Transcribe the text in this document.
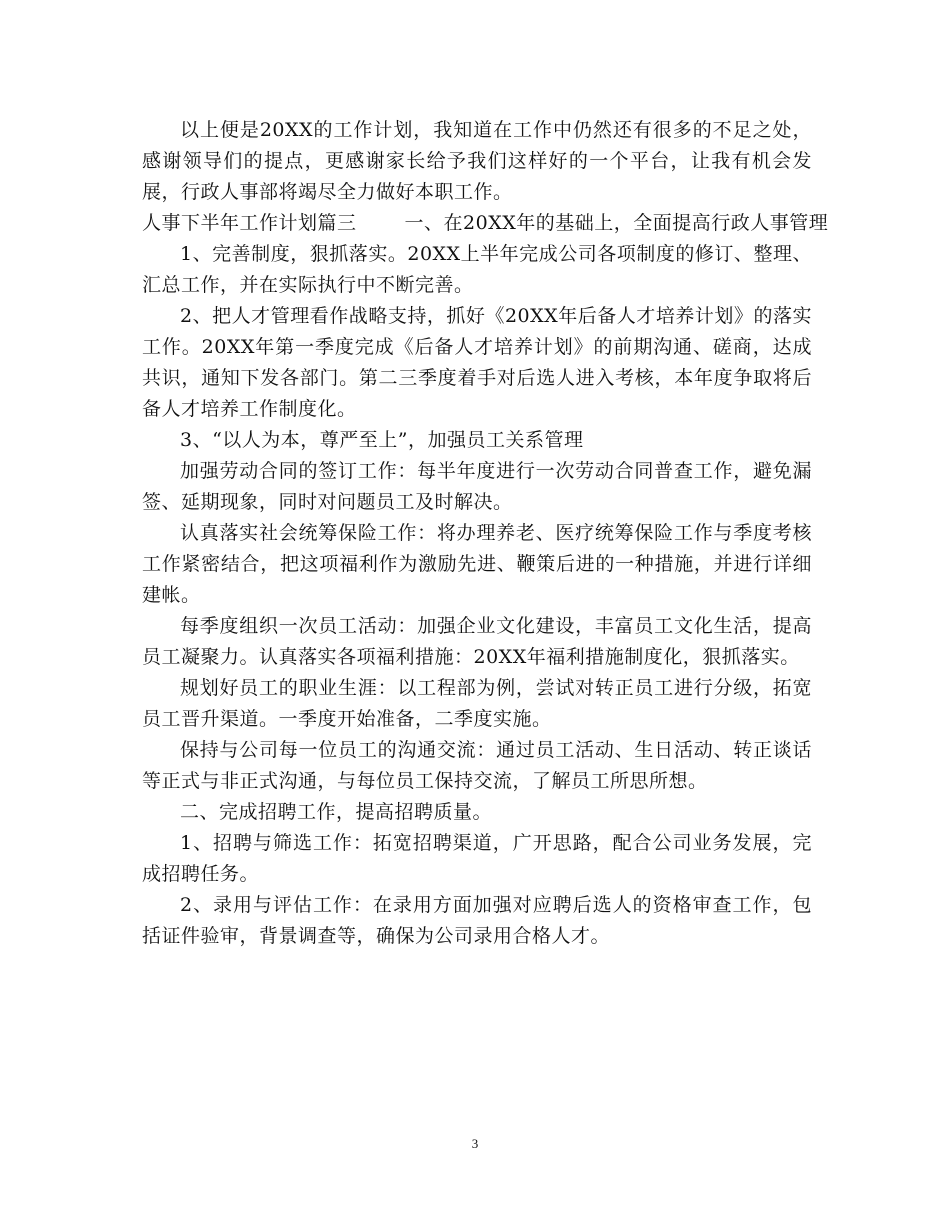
以上便是20XX的工作计划，我知道在工作中仍然还有很多的不足之处，感谢领导们的提点，更感谢家长给予我们这样好的一个平台，让我有机会发展，行政人事部将竭尽全力做好本职工作。

人事下半年工作计划篇三	一、在20XX年的基础上，全面提高行政人事管理

1、完善制度，狠抓落实。20XX上半年完成公司各项制度的修订、整理、汇总工作，并在实际执行中不断完善。

2、把人才管理看作战略支持，抓好《20XX年后备人才培养计划》的落实工作。20XX年第一季度完成《后备人才培养计划》的前期沟通、磋商，达成共识，通知下发各部门。第二三季度着手对后选人进入考核，本年度争取将后备人才培养工作制度化。

3、“以人为本，尊严至上”，加强员工关系管理

加强劳动合同的签订工作：每半年度进行一次劳动合同普查工作，避免漏签、延期现象，同时对问题员工及时解决。

认真落实社会统筹保险工作：将办理养老、医疗统筹保险工作与季度考核工作紧密结合，把这项福利作为激励先进、鞭策后进的一种措施，并进行详细建帐。

每季度组织一次员工活动：加强企业文化建设，丰富员工文化生活，提高员工凝聚力。认真落实各项福利措施：20XX年福利措施制度化，狠抓落实。

规划好员工的职业生涯：以工程部为例，尝试对转正员工进行分级，拓宽员工晋升渠道。一季度开始准备，二季度实施。

保持与公司每一位员工的沟通交流：通过员工活动、生日活动、转正谈话等正式与非正式沟通，与每位员工保持交流，了解员工所思所想。

二、完成招聘工作，提高招聘质量。

1、招聘与筛选工作：拓宽招聘渠道，广开思路，配合公司业务发展，完成招聘任务。

2、录用与评估工作：在录用方面加强对应聘后选人的资格审查工作，包括证件验审，背景调查等，确保为公司录用合格人才。

3
